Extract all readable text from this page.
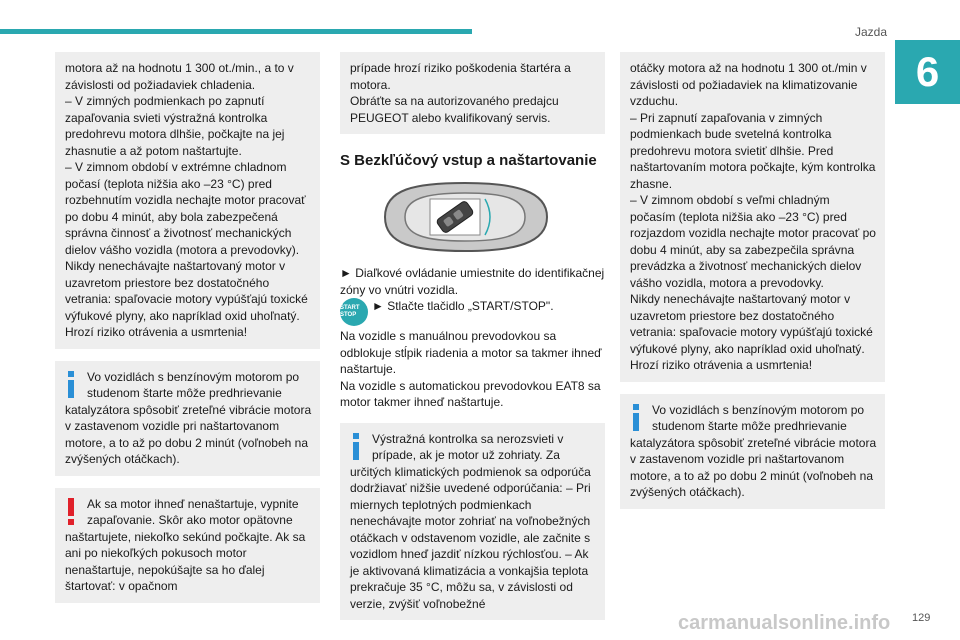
Jazda
6

motora až na hodnotu 1 300 ot./min., a to v závislosti od požiadaviek chladenia.

– V zimných podmienkach po zapnutí zapaľovania svieti výstražná kontrolka predohrevu motora dlhšie, počkajte na jej zhasnutie a až potom naštartujte.

– V zimnom období v extrémne chladnom počasí (teplota nižšia ako –23 °C) pred rozbehnutím vozidla nechajte motor pracovať po dobu 4 minút, aby bola zabezpečená správna činnosť a životnosť mechanických dielov vášho vozidla (motora a prevodovky).

Nikdy nenechávajte naštartovaný motor v uzavretom priestore bez dostatočného vetrania: spaľovacie motory vypúšťajú toxické výfukové plyny, ako napríklad oxid uhoľnatý. Hrozí riziko otrávenia a usmrtenia!

Vo vozidlách s benzínovým motorom po studenom štarte môže predhrievanie katalyzátora spôsobiť zreteľné vibrácie motora v zastavenom vozidle pri naštartovanom motore, a to až po dobu 2 minút (voľnobeh na zvýšených otáčkach).

Ak sa motor ihneď nenaštartuje, vypnite zapaľovanie. Skôr ako motor opätovne naštartujete, niekoľko sekúnd počkajte. Ak sa ani po niekoľkých pokusoch motor nenaštartuje, nepokúšajte sa ho ďalej štartovať: v opačnom

prípade hrozí riziko poškodenia štartéra a motora.

Obráťte sa na autorizovaného predajcu PEUGEOT alebo kvalifikovaný servis.

S Bezkľúčový vstup a naštartovanie

► Diaľkové ovládanie umiestnite do identifikačnej zóny vo vnútri vozidla.

START STOP

► Stlačte tlačidlo „START/STOP".

Na vozidle s manuálnou prevodovkou sa odblokuje stĺpik riadenia a motor sa takmer ihneď naštartuje.

Na vozidle s automatickou prevodovkou EAT8 sa motor takmer ihneď naštartuje.

Výstražná kontrolka sa nerozsvieti v prípade, ak je motor už zohriaty. Za určitých klimatických podmienok sa odporúča dodržiavať nižšie uvedené odporúčania: – Pri miernych teplotných podmienkach nenechávajte motor zohriať na voľnobežných otáčkach v odstavenom vozidle, ale začnite s vozidlom hneď jazdiť nízkou rýchlosťou. – Ak je aktivovaná klimatizácia a vonkajšia teplota prekračuje 35 °C, môžu sa, v závislosti od verzie, zvýšiť voľnobežné

otáčky motora až na hodnotu 1 300 ot./min v závislosti od požiadaviek na klimatizovanie vzduchu.

– Pri zapnutí zapaľovania v zimných podmienkach bude svetelná kontrolka predohrevu motora svietiť dlhšie. Pred naštartovaním motora počkajte, kým kontrolka zhasne.

– V zimnom období s veľmi chladným počasím (teplota nižšia ako –23 °C) pred rozjazdom vozidla nechajte motor pracovať po dobu 4 minút, aby sa zabezpečila správna prevádzka a životnosť mechanických dielov vášho vozidla, motora a prevodovky.

Nikdy nenechávajte naštartovaný motor v uzavretom priestore bez dostatočného vetrania: spaľovacie motory vypúšťajú toxické výfukové plyny, ako napríklad oxid uhoľnatý. Hrozí riziko otrávenia a usmrtenia!

Vo vozidlách s benzínovým motorom po studenom štarte môže predhrievanie katalyzátora spôsobiť zreteľné vibrácie motora v zastavenom vozidle pri naštartovanom motore, a to až po dobu 2 minút (voľnobeh na zvýšených otáčkach).

carmanualsonline.info 129
